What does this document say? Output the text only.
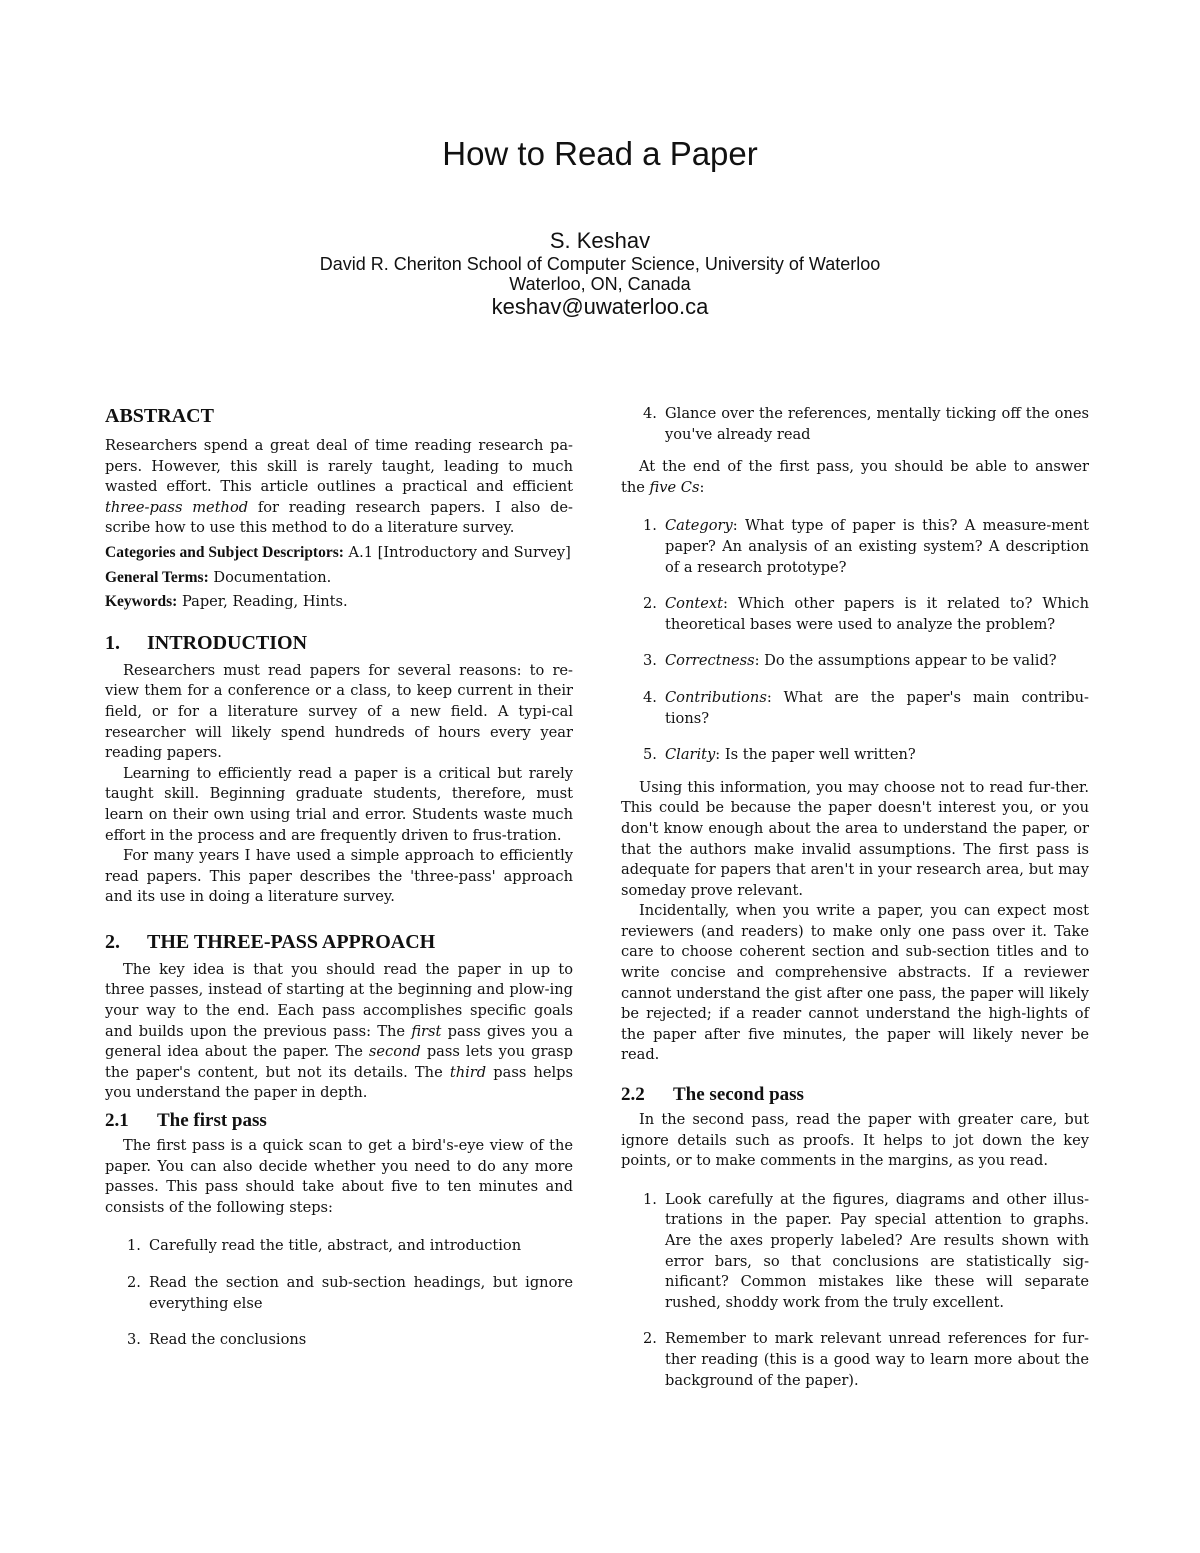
How to Read a Paper
S. Keshav
David R. Cheriton School of Computer Science, University of Waterloo
Waterloo, ON, Canada
keshav@uwaterloo.ca
ABSTRACT

Researchers spend a great deal of time reading research pa-pers. However, this skill is rarely taught, leading to much wasted effort. This article outlines a practical and efficient three-pass method for reading research papers. I also de-scribe how to use this method to do a literature survey.

Categories and Subject Descriptors: A.1 [Introductory and Survey]

General Terms: Documentation.

Keywords: Paper, Reading, Hints.

1. INTRODUCTION

Researchers must read papers for several reasons: to re-view them for a conference or a class, to keep current in their field, or for a literature survey of a new field. A typi-cal researcher will likely spend hundreds of hours every year reading papers.

Learning to efficiently read a paper is a critical but rarely taught skill. Beginning graduate students, therefore, must learn on their own using trial and error. Students waste much effort in the process and are frequently driven to frus-tration.

For many years I have used a simple approach to efficiently read papers. This paper describes the 'three-pass' approach and its use in doing a literature survey.

2. THE THREE-PASS APPROACH

The key idea is that you should read the paper in up to three passes, instead of starting at the beginning and plow-ing your way to the end. Each pass accomplishes specific goals and builds upon the previous pass: The first pass gives you a general idea about the paper. The second pass lets you grasp the paper's content, but not its details. The third pass helps you understand the paper in depth.

2.1 The first pass

The first pass is a quick scan to get a bird's-eye view of the paper. You can also decide whether you need to do any more passes. This pass should take about five to ten minutes and consists of the following steps:

1. Carefully read the title, abstract, and introduction
2. Read the section and sub-section headings, but ignore everything else
3. Read the conclusions
4. Glance over the references, mentally ticking off the ones you've already read

At the end of the first pass, you should be able to answer the five Cs:

1. Category: What type of paper is this? A measure-ment paper? An analysis of an existing system? A description of a research prototype?
2. Context: Which other papers is it related to? Which theoretical bases were used to analyze the problem?
3. Correctness: Do the assumptions appear to be valid?
4. Contributions: What are the paper's main contribu-tions?
5. Clarity: Is the paper well written?

Using this information, you may choose not to read fur-ther. This could be because the paper doesn't interest you, or you don't know enough about the area to understand the paper, or that the authors make invalid assumptions. The first pass is adequate for papers that aren't in your research area, but may someday prove relevant.

Incidentally, when you write a paper, you can expect most reviewers (and readers) to make only one pass over it. Take care to choose coherent section and sub-section titles and to write concise and comprehensive abstracts. If a reviewer cannot understand the gist after one pass, the paper will likely be rejected; if a reader cannot understand the high-lights of the paper after five minutes, the paper will likely never be read.

2.2 The second pass

In the second pass, read the paper with greater care, but ignore details such as proofs. It helps to jot down the key points, or to make comments in the margins, as you read.

1. Look carefully at the figures, diagrams and other illus-trations in the paper. Pay special attention to graphs. Are the axes properly labeled? Are results shown with error bars, so that conclusions are statistically sig-nificant? Common mistakes like these will separate rushed, shoddy work from the truly excellent.
2. Remember to mark relevant unread references for fur-ther reading (this is a good way to learn more about the background of the paper).
